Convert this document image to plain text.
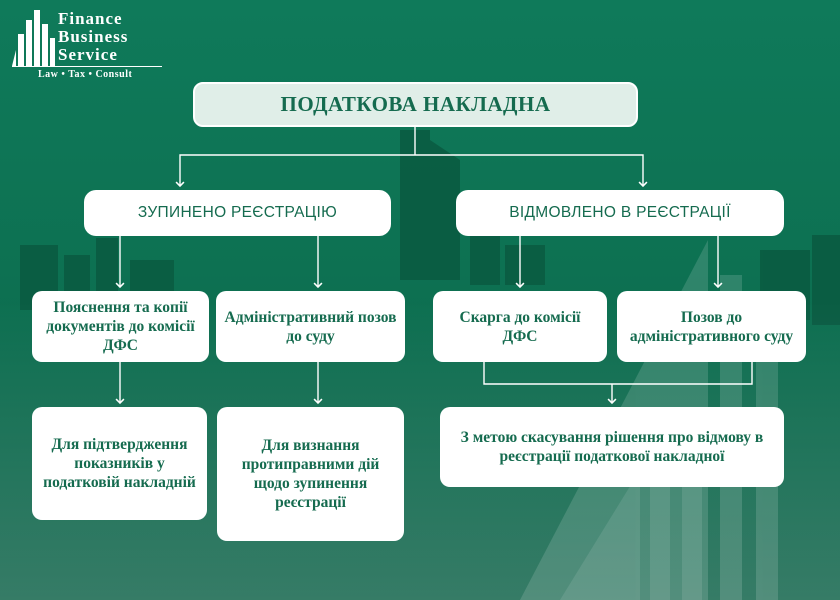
Finance
Business
Service
Law • Tax • Consult
ПОДАТКОВА НАКЛАДНА
ЗУПИНЕНО РЕЄСТРАЦІЮ	ВІДМОВЛЕНО В РЕЄСТРАЦІЇ
Пояснення та копії документів до комісії ДФС
Адміністративний позов до суду
Скарга до комісії ДФС
Позов до адміністративного суду
Для підтвердження показників у податковій накладній
Для визнання протиправними дій щодо зупинення реєстрації
З метою скасування рішення про відмову в реєстрації податкової накладної
